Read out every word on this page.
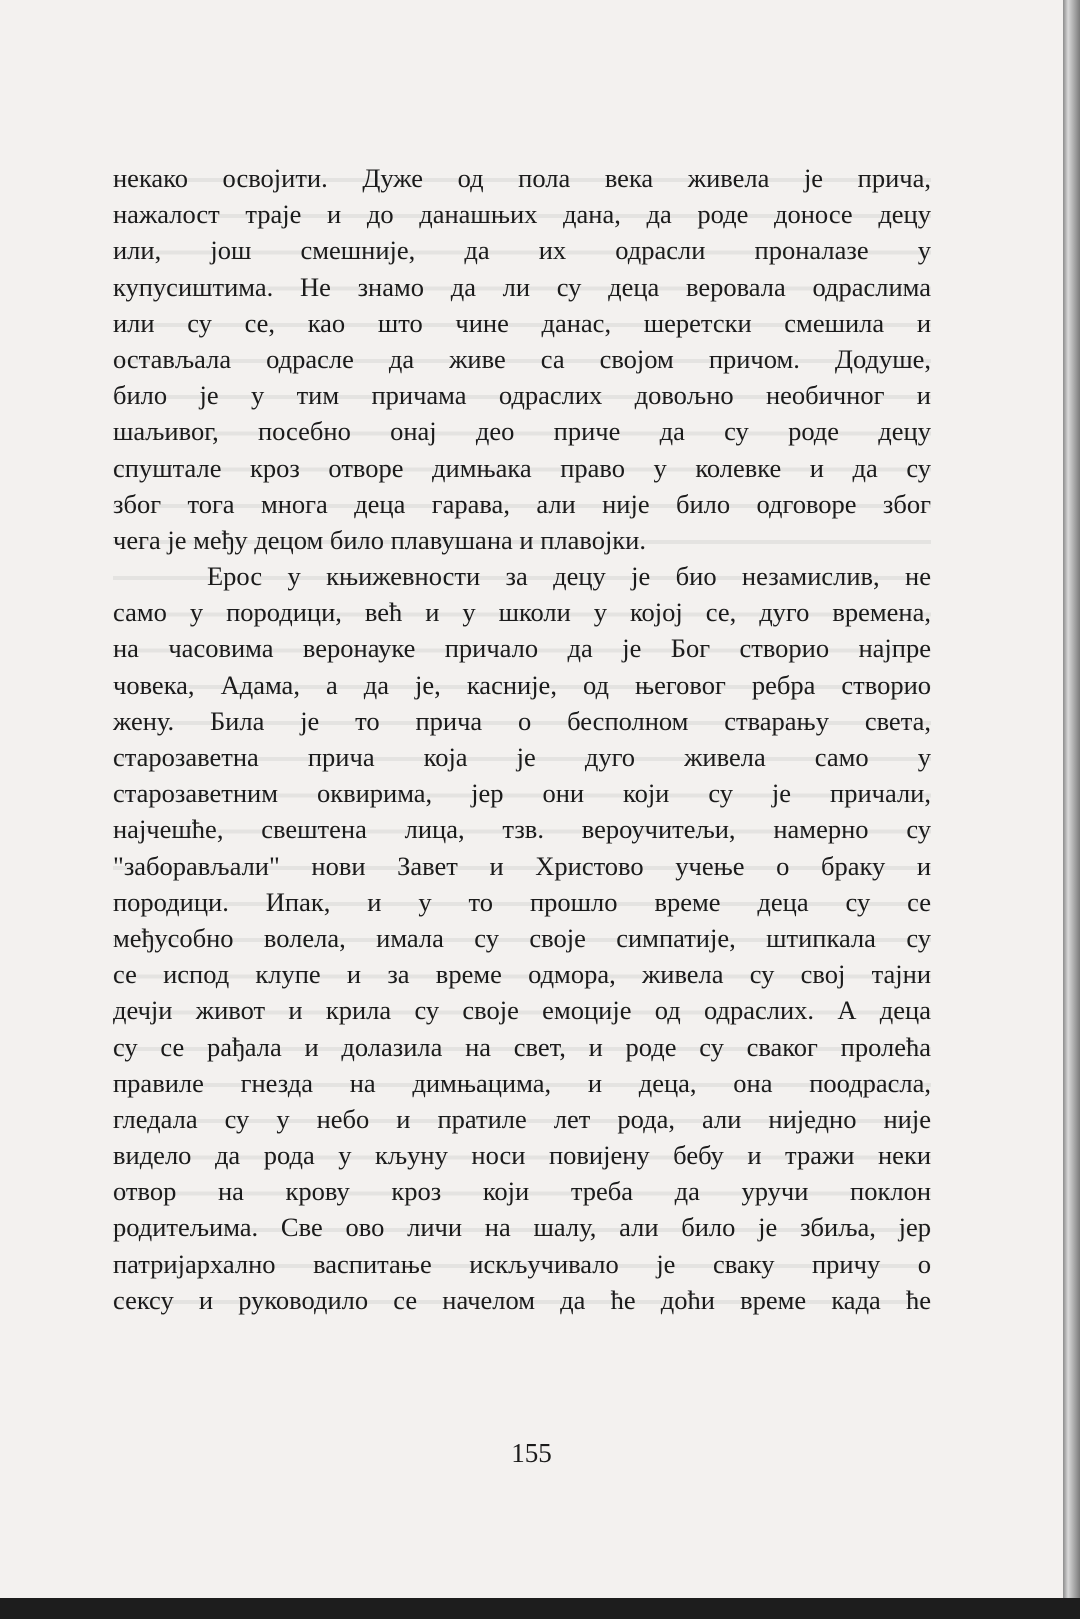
некако освојити. Дуже од пола века живела је прича,
нажалост траје и до данашњих дана, да роде доносе децу
или, још смешније, да их одрасли проналазе у
купусиштима. Не знамо да ли су деца веровала одраслима
или су се, као што чине данас, шеретски смешила и
остављала одрасле да живе са својом причом. Додуше,
било је у тим причама одраслих довољно необичног и
шаљивог, посебно онај део приче да су роде децу
спуштале кроз отворе димњака право у колевке и да су
због тога многа деца гарава, али није било одговоре због
чега је међу децом било плавушана и плавојки.
Ерос у књижевности за децу је био незамислив, не
само у породици, већ и у школи у којој се, дуго времена,
на часовима веронауке причало да је Бог створио најпре
човека, Адама, а да је, касније, од његовог ребра створио
жену. Била је то прича о бесполном стварању света,
старозаветна прича која је дуго живела само у
старозаветним оквирима, јер они који су је причали,
најчешће, свештена лица, тзв. вероучитељи, намерно су
"заборављали" нови Завет и Христово учење о браку и
породици. Ипак, и у то прошло време деца су се
међусобно волела, имала су своје симпатије, штипкала су
се испод клупе и за време одмора, живела су свој тајни
дечји живот и крила су своје емоције од одраслих. А деца
су се рађала и долазила на свет, и роде су сваког пролећа
правиле гнезда на димњацима, и деца, она поодрасла,
гледала су у небо и пратиле лет рода, али ниједно није
видело да рода у кљуну носи повијену бебу и тражи неки
отвор на крову кроз који треба да уручи поклон
родитељима. Све ово личи на шалу, али било је збиља, јер
патријархално васпитање искључивало је сваку причу о
сексу и руководило се начелом да ће доћи време када ће
155
